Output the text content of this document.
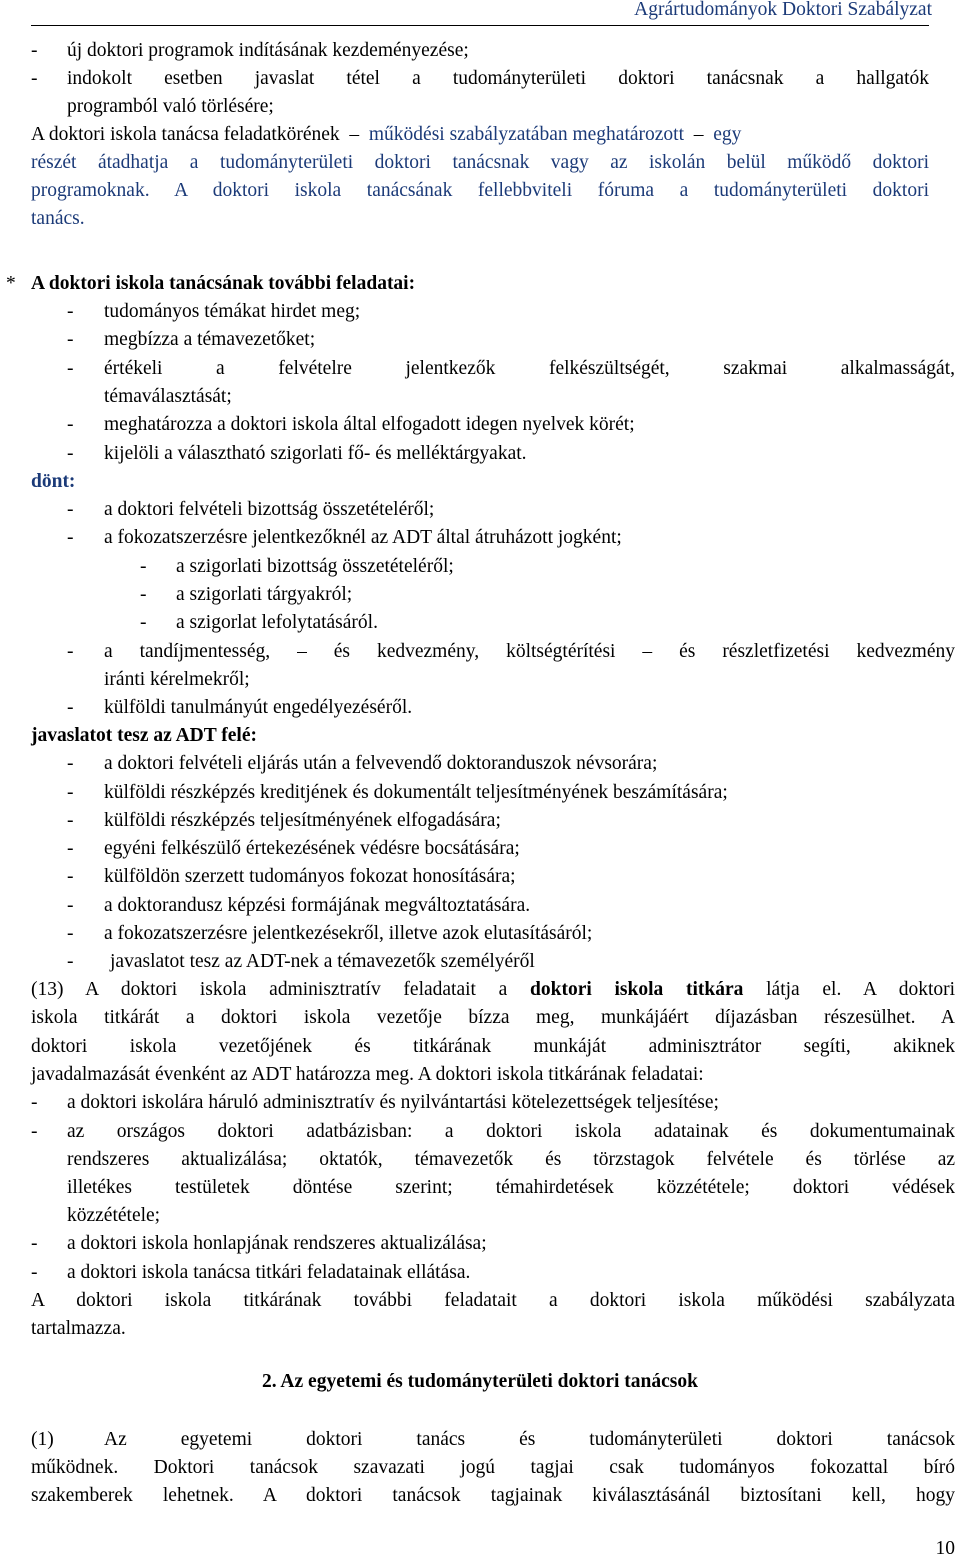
Agrártudományok Doktori Szabályzat
- új doktori programok indításának kezdeményezése;
- indokolt esetben javaslat tétel a tudományterületi doktori tanácsnak a hallgatók
programból való törlésére;
A doktori iskola tanácsa feladatkörének  –  működési szabályzatában meghatározott  –  egy
részét átadhatja a tudományterületi doktori tanácsnak vagy az iskolán belül működő doktori
programoknak. A doktori iskola tanácsának fellebbviteli fóruma a tudományterületi doktori
tanács.
* A doktori iskola tanácsának további feladatai:
- tudományos témákat hirdet meg;
- megbízza a témavezetőket;
- értékeli a felvételre jelentkezők felkészültségét, szakmai alkalmasságát,
témaválasztását;
- meghatározza a doktori iskola által elfogadott idegen nyelvek körét;
- kijelöli a választható szigorlati fő- és melléktárgyakat.
dönt:
- a doktori felvételi bizottság összetételéről;
- a fokozatszerzésre jelentkezőknél az ADT által átruházott jogként;
- a szigorlati bizottság összetételéről;
- a szigorlati tárgyakról;
- a szigorlat lefolytatásáról.
- a tandíjmentesség, – és kedvezmény, költségtérítési – és részletfizetési kedvezmény
iránti kérelmekről;
- külföldi tanulmányút engedélyezéséről.
javaslatot tesz az ADT felé:
- a doktori felvételi eljárás után a felvevendő doktoranduszok névsorára;
- külföldi részképzés kreditjének és dokumentált teljesítményének beszámítására;
- külföldi részképzés teljesítményének elfogadására;
- egyéni felkészülő értekezésének védésre bocsátására;
- külföldön szerzett tudományos fokozat honosítására;
- a doktorandusz képzési formájának megváltoztatására.
- a fokozatszerzésre jelentkezésekről, illetve azok elutasításáról;
- javaslatot tesz az ADT-nek a témavezetők személyéről
(13) A doktori iskola adminisztratív feladatait a doktori iskola titkára látja el. A doktori
iskola titkárát a doktori iskola vezetője bízza meg, munkájáért díjazásban részesülhet. A
doktori iskola vezetőjének és titkárának munkáját adminisztrátor segíti, akiknek
javadalmazását évenként az ADT határozza meg. A doktori iskola titkárának feladatai:
- a doktori iskolára háruló adminisztratív és nyilvántartási kötelezettségek teljesítése;
- az országos doktori adatbázisban: a doktori iskola adatainak és dokumentumainak
rendszeres aktualizálása; oktatók, témavezetők és törzstagok felvétele és törlése az
illetékes testületek döntése szerint; témahirdetések közzététele; doktori védések
közzététele;
- a doktori iskola honlapjának rendszeres aktualizálása;
- a doktori iskola tanácsa titkári feladatainak ellátása.
A doktori iskola titkárának további feladatait a doktori iskola működési szabályzata
tartalmazza.
2. Az egyetemi és tudományterületi doktori tanácsok
(1)	Az egyetemi doktori tanács és tudományterületi doktori tanácsok
működnek. Doktori tanácsok szavazati jogú tagjai csak tudományos fokozattal bíró
szakemberek lehetnek. A doktori tanácsok tagjainak kiválasztásánál biztosítani kell, hogy
10
